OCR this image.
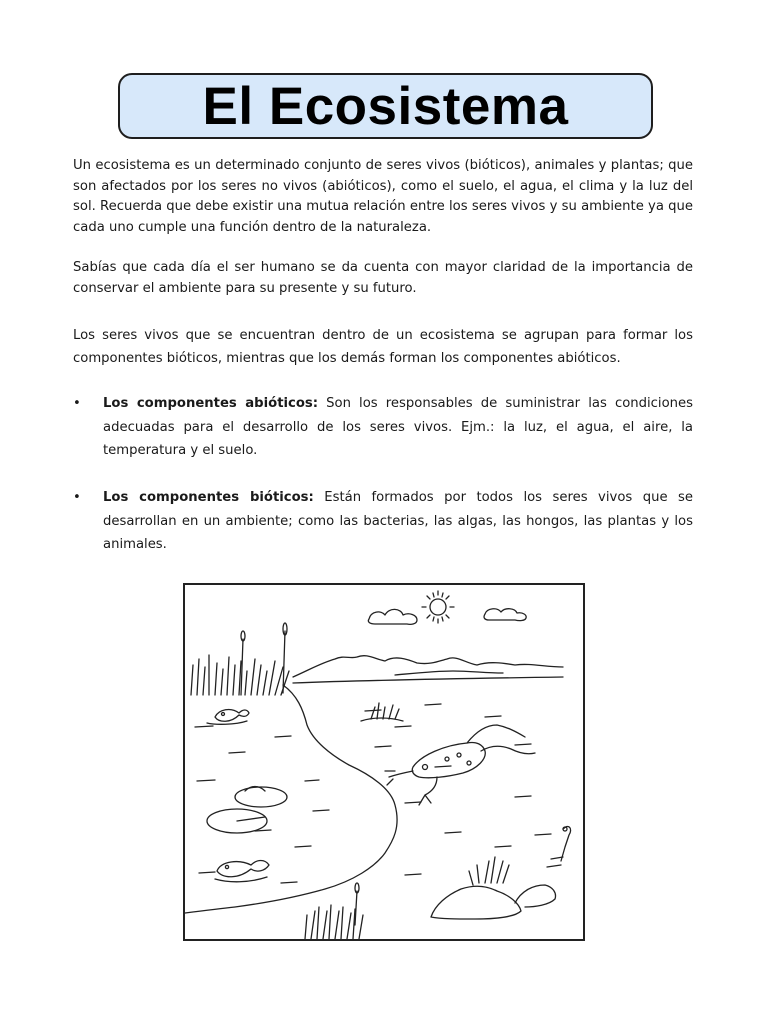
El Ecosistema

Un ecosistema es un determinado conjunto de seres vivos (bióticos), animales y plantas; que son afectados por los seres no vivos (abióticos), como el suelo, el agua, el clima y la luz del sol. Recuerda que debe existir una mutua relación entre los seres vivos y su ambiente ya que cada uno cumple una función dentro de la naturaleza.

Sabías que cada día el ser humano se da cuenta con mayor claridad de la importancia de conservar el ambiente para su presente y su futuro.

Los seres vivos que se encuentran dentro de un ecosistema se agrupan para formar los componentes bióticos, mientras que los demás forman los componentes abióticos.

• Los componentes abióticos: Son los responsables de suministrar las condiciones adecuadas para el desarrollo de los seres vivos. Ejm.: la luz, el agua, el aire, la temperatura y el suelo.

• Los componentes bióticos: Están formados por todos los seres vivos que se desarrollan en un ambiente; como las bacterias, las algas, las hongos, las plantas y los animales.
